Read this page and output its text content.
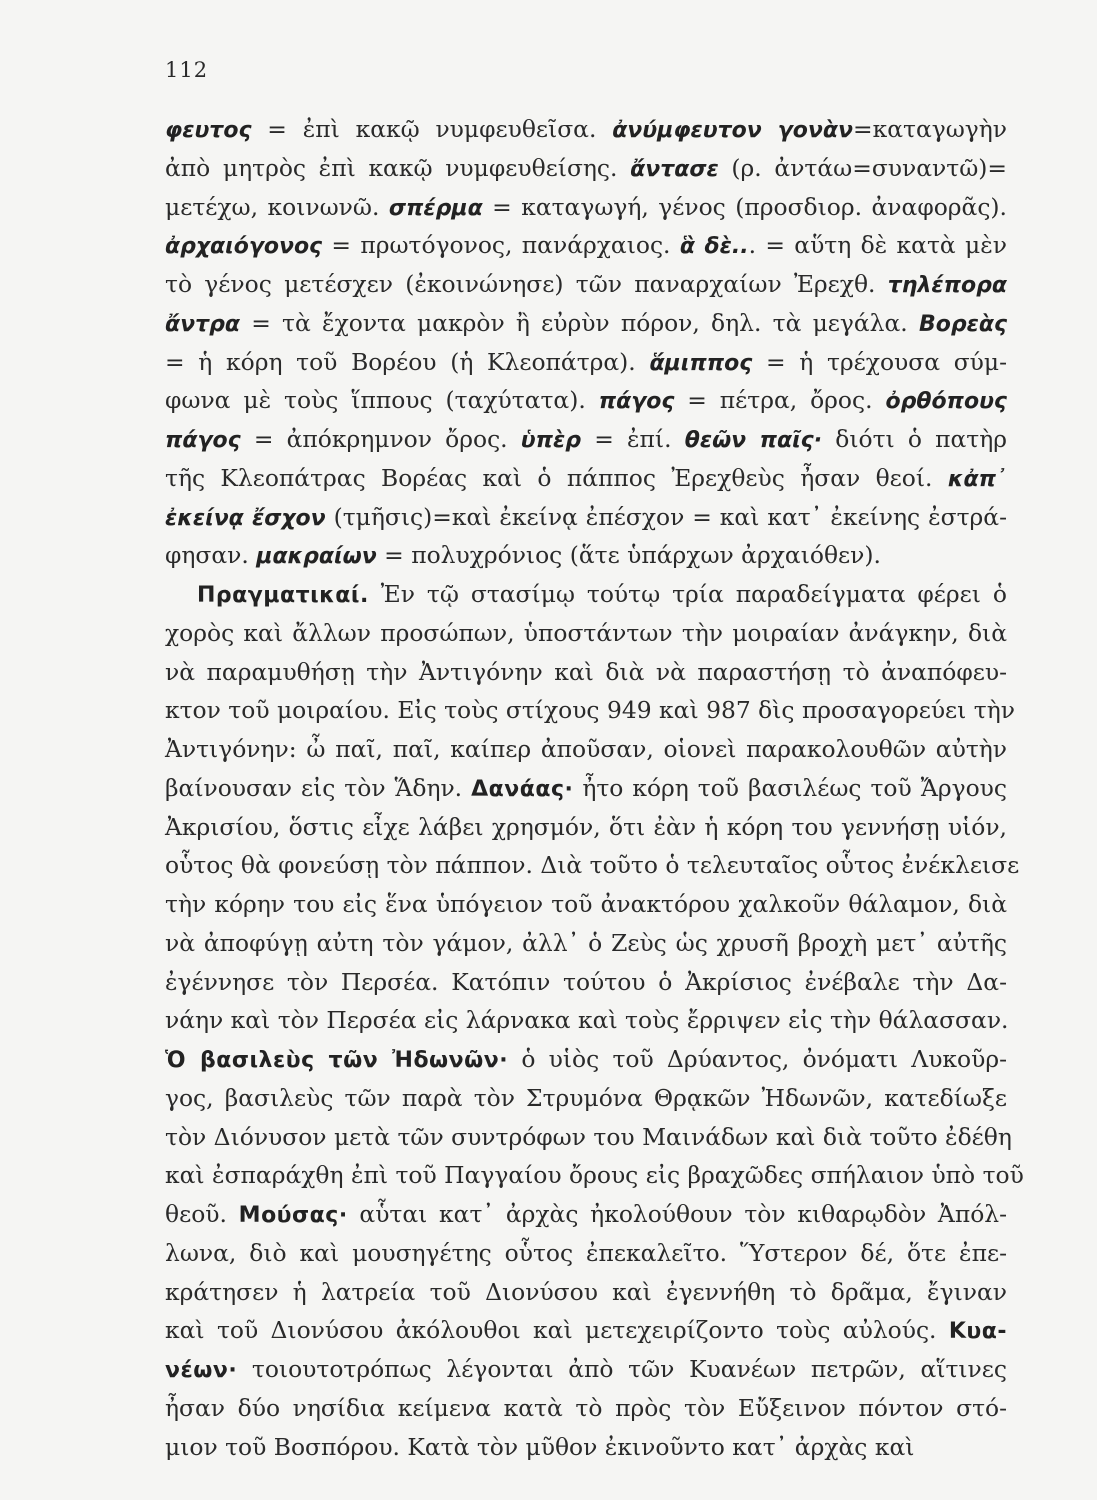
112
φευτος = ἐπὶ κακῷ νυμφευθεῖσα. ἀνύμφευτον γονὰν=καταγωγὴν
ἀπὸ μητρὸς ἐπὶ κακῷ νυμφευθείσης. ἄντασε (ρ. ἀντάω=συναντῶ)=
μετέχω, κοινωνῶ. σπέρμα = καταγωγή, γένος (προσδιορ. ἀναφορᾶς).
ἀρχαιόγονος = πρωτόγονος, πανάρχαιος. ἃ δὲ... = αὕτη δὲ κατὰ μὲν
τὸ γένος μετέσχεν (ἐκοινώνησε) τῶν παναρχαίων Ἐρεχθ. τηλέπορα
ἄντρα = τὰ ἔχοντα μακρὸν ἢ εὐρὺν πόρον, δηλ. τὰ μεγάλα. Βορεὰς
= ἡ κόρη τοῦ Βορέου (ἡ Κλεοπάτρα). ἅμιππος = ἡ τρέχουσα σύμ-
φωνα μὲ τοὺς ἵππους (ταχύτατα). πάγος = πέτρα, ὄρος. ὀρθόπους
πάγος = ἀπόκρημνον ὄρος. ὑπὲρ = ἐπί. θεῶν παῖς· διότι ὁ πατὴρ
τῆς Κλεοπάτρας Βορέας καὶ ὁ πάππος Ἐρεχθεὺς ἦσαν θεοί. κἀπ᾿
ἐκείνᾳ ἔσχον (τμῆσις)=καὶ ἐκείνᾳ ἐπέσχον = καὶ κατ᾿ ἐκείνης ἐστρά-
φησαν. μακραίων = πολυχρόνιος (ἅτε ὑπάρχων ἀρχαιόθεν).
Πραγματικαί. Ἐν τῷ στασίμῳ τούτῳ τρία παραδείγματα φέρει ὁ
χορὸς καὶ ἄλλων προσώπων, ὑποστάντων τὴν μοιραίαν ἀνάγκην, διὰ
νὰ παραμυθήσῃ τὴν Ἀντιγόνην καὶ διὰ νὰ παραστήσῃ τὸ ἀναπόφευ-
κτον τοῦ μοιραίου. Εἰς τοὺς στίχους 949 καὶ 987 δὶς προσαγορεύει τὴν
Ἀντιγόνην: ὦ παῖ, παῖ, καίπερ ἀποῦσαν, οἱονεὶ παρακολουθῶν αὐτὴν
βαίνουσαν εἰς τὸν Ἅδην. Δανάας· ἦτο κόρη τοῦ βασιλέως τοῦ Ἄργους
Ἀκρισίου, ὅστις εἶχε λάβει χρησμόν, ὅτι ἐὰν ἡ κόρη του γεννήσῃ υἱόν,
οὗτος θὰ φονεύσῃ τὸν πάππον. Διὰ τοῦτο ὁ τελευταῖος οὗτος ἐνέκλεισε
τὴν κόρην του εἰς ἕνα ὑπόγειον τοῦ ἀνακτόρου χαλκοῦν θάλαμον, διὰ
νὰ ἀποφύγῃ αὐτη τὸν γάμον, ἀλλ᾿ ὁ Ζεὺς ὡς χρυσῆ βροχὴ μετ᾿ αὐτῆς
ἐγέννησε τὸν Περσέα. Κατόπιν τούτου ὁ Ἀκρίσιος ἐνέβαλε τὴν Δα-
νάην καὶ τὸν Περσέα εἰς λάρνακα καὶ τοὺς ἔρριψεν εἰς τὴν θάλασσαν.
Ὁ βασιλεὺς τῶν Ἠδωνῶν· ὁ υἱὸς τοῦ Δρύαντος, ὀνόματι Λυκοῦρ-
γος, βασιλεὺς τῶν παρὰ τὸν Στρυμόνα Θρᾳκῶν Ἠδωνῶν, κατεδίωξε
τὸν Διόνυσον μετὰ τῶν συντρόφων του Μαινάδων καὶ διὰ τοῦτο ἐδέθη
καὶ ἐσπαράχθη ἐπὶ τοῦ Παγγαίου ὄρους εἰς βραχῶδες σπήλαιον ὑπὸ τοῦ
θεοῦ. Μούσας· αὗται κατ᾿ ἀρχὰς ἠκολούθουν τὸν κιθαρῳδὸν Ἀπόλ-
λωνα, διὸ καὶ μουσηγέτης οὗτος ἐπεκαλεῖτο. Ὕστερον δέ, ὅτε ἐπε-
κράτησεν ἡ λατρεία τοῦ Διονύσου καὶ ἐγεννήθη τὸ δρᾶμα, ἔγιναν
καὶ τοῦ Διονύσου ἀκόλουθοι καὶ μετεχειρίζοντο τοὺς αὐλούς. Κυα-
νέων· τοιουτοτρόπως λέγονται ἀπὸ τῶν Κυανέων πετρῶν, αἵτινες
ἦσαν δύο νησίδια κείμενα κατὰ τὸ πρὸς τὸν Εὔξεινον πόντον στό-
μιον τοῦ Βοσπόρου. Κατὰ τὸν μῦθον ἐκινοῦντο κατ᾿ ἀρχὰς καὶ
